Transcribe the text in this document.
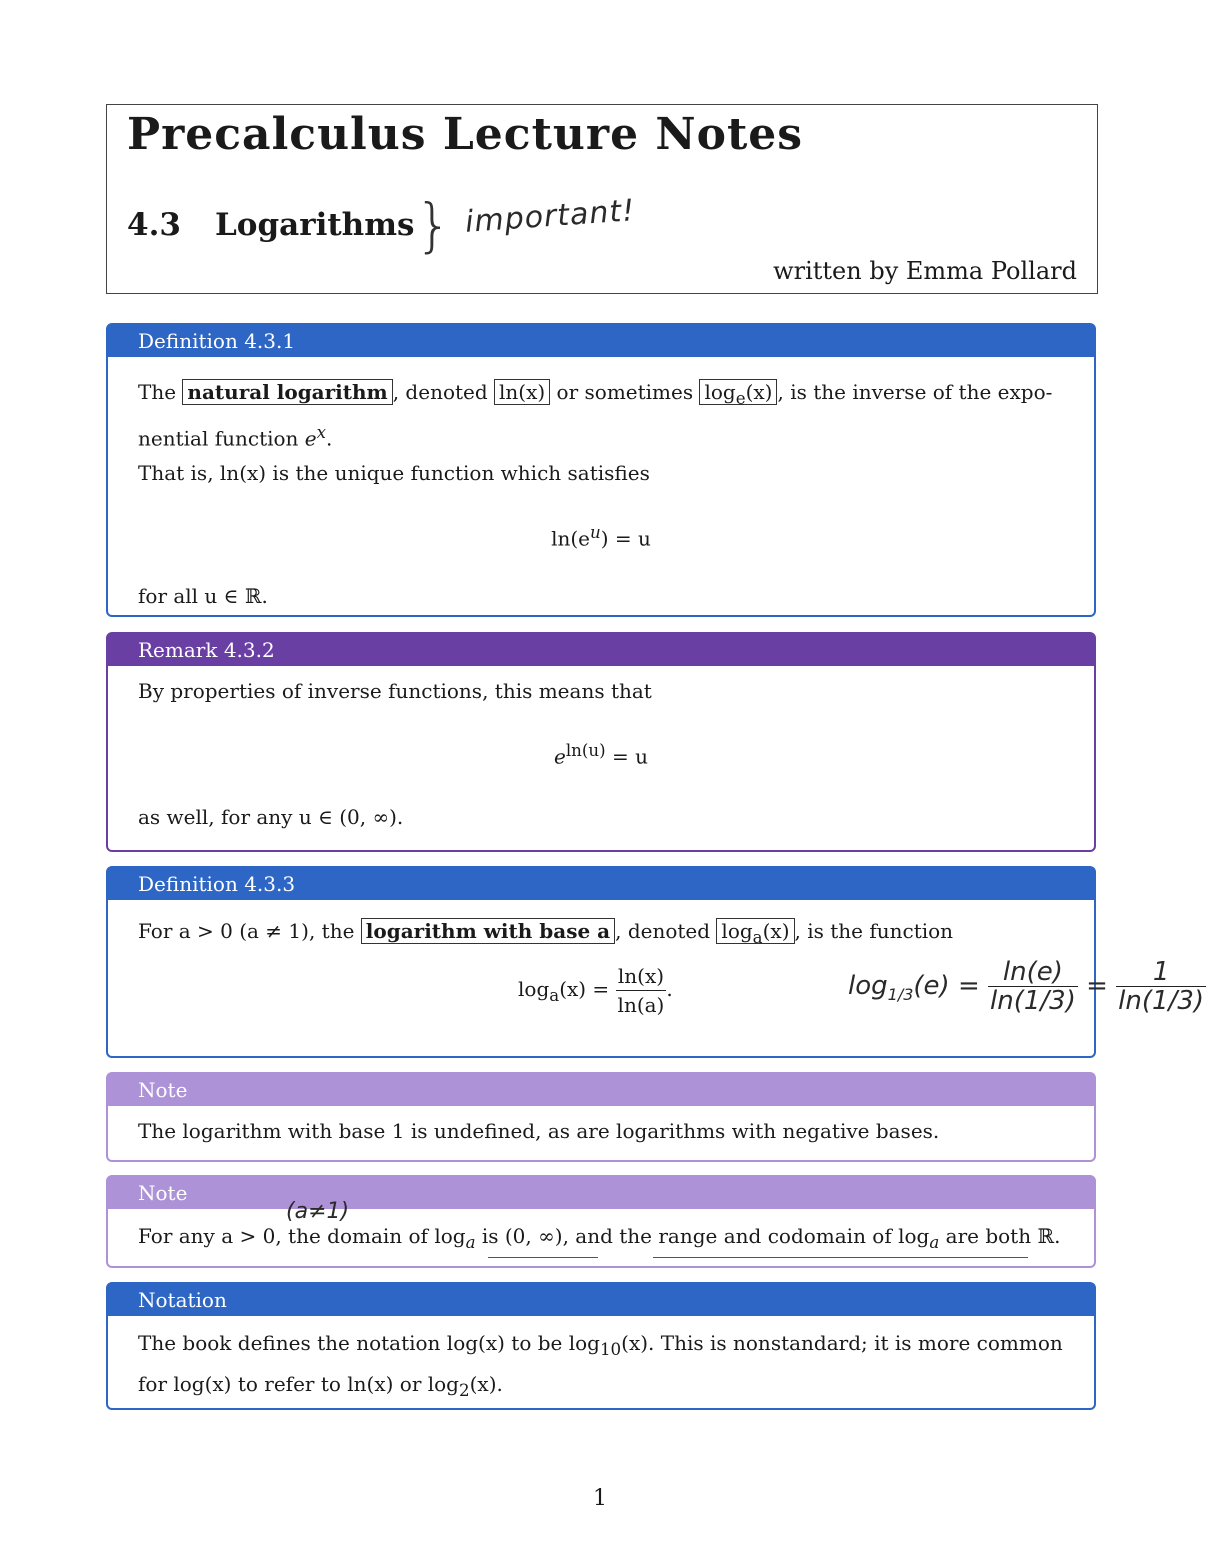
Precalculus Lecture Notes
4.3 Logarithms } important!
written by Emma Pollard
Definition 4.3.1
The natural logarithm , denoted ln(x) or sometimes $\log_e(x)$ , is the inverse of the expo-
nential function $e^x$.
That is, ln(x) is the unique function which satisfies
$\ln(e^u) = u$
for all u ∈ ℝ.
Remark 4.3.2
By properties of inverse functions, this means that
$e^{ln(u)} = u$
as well, for any u ∈ (0, ∞).
Definition 4.3.3
For a > 0 (a ≠ 1), the logarithm with base a , denoted $\log_a(x)$ , is the function
$\log_a(x) = \frac{\ln(x)}{\ln(a)}$ .	$\log_{1/3}(e) = \frac{\ln(e)}{\ln(1/3)} = \frac{1}{\ln(1/3)}$
Note
The logarithm with base 1 is undefined, as are logarithms with negative bases.
Note
(a≠1)
For any a > 0, the domain of $\log_a$ is (0, ∞), and the range and codomain of $\log_a$ are both ℝ.
Notation
The book defines the notation log(x) to be $\log_{10}(x)$. This is nonstandard; it is more common
for log(x) to refer to ln(x) or $\log_2(x)$.
1
